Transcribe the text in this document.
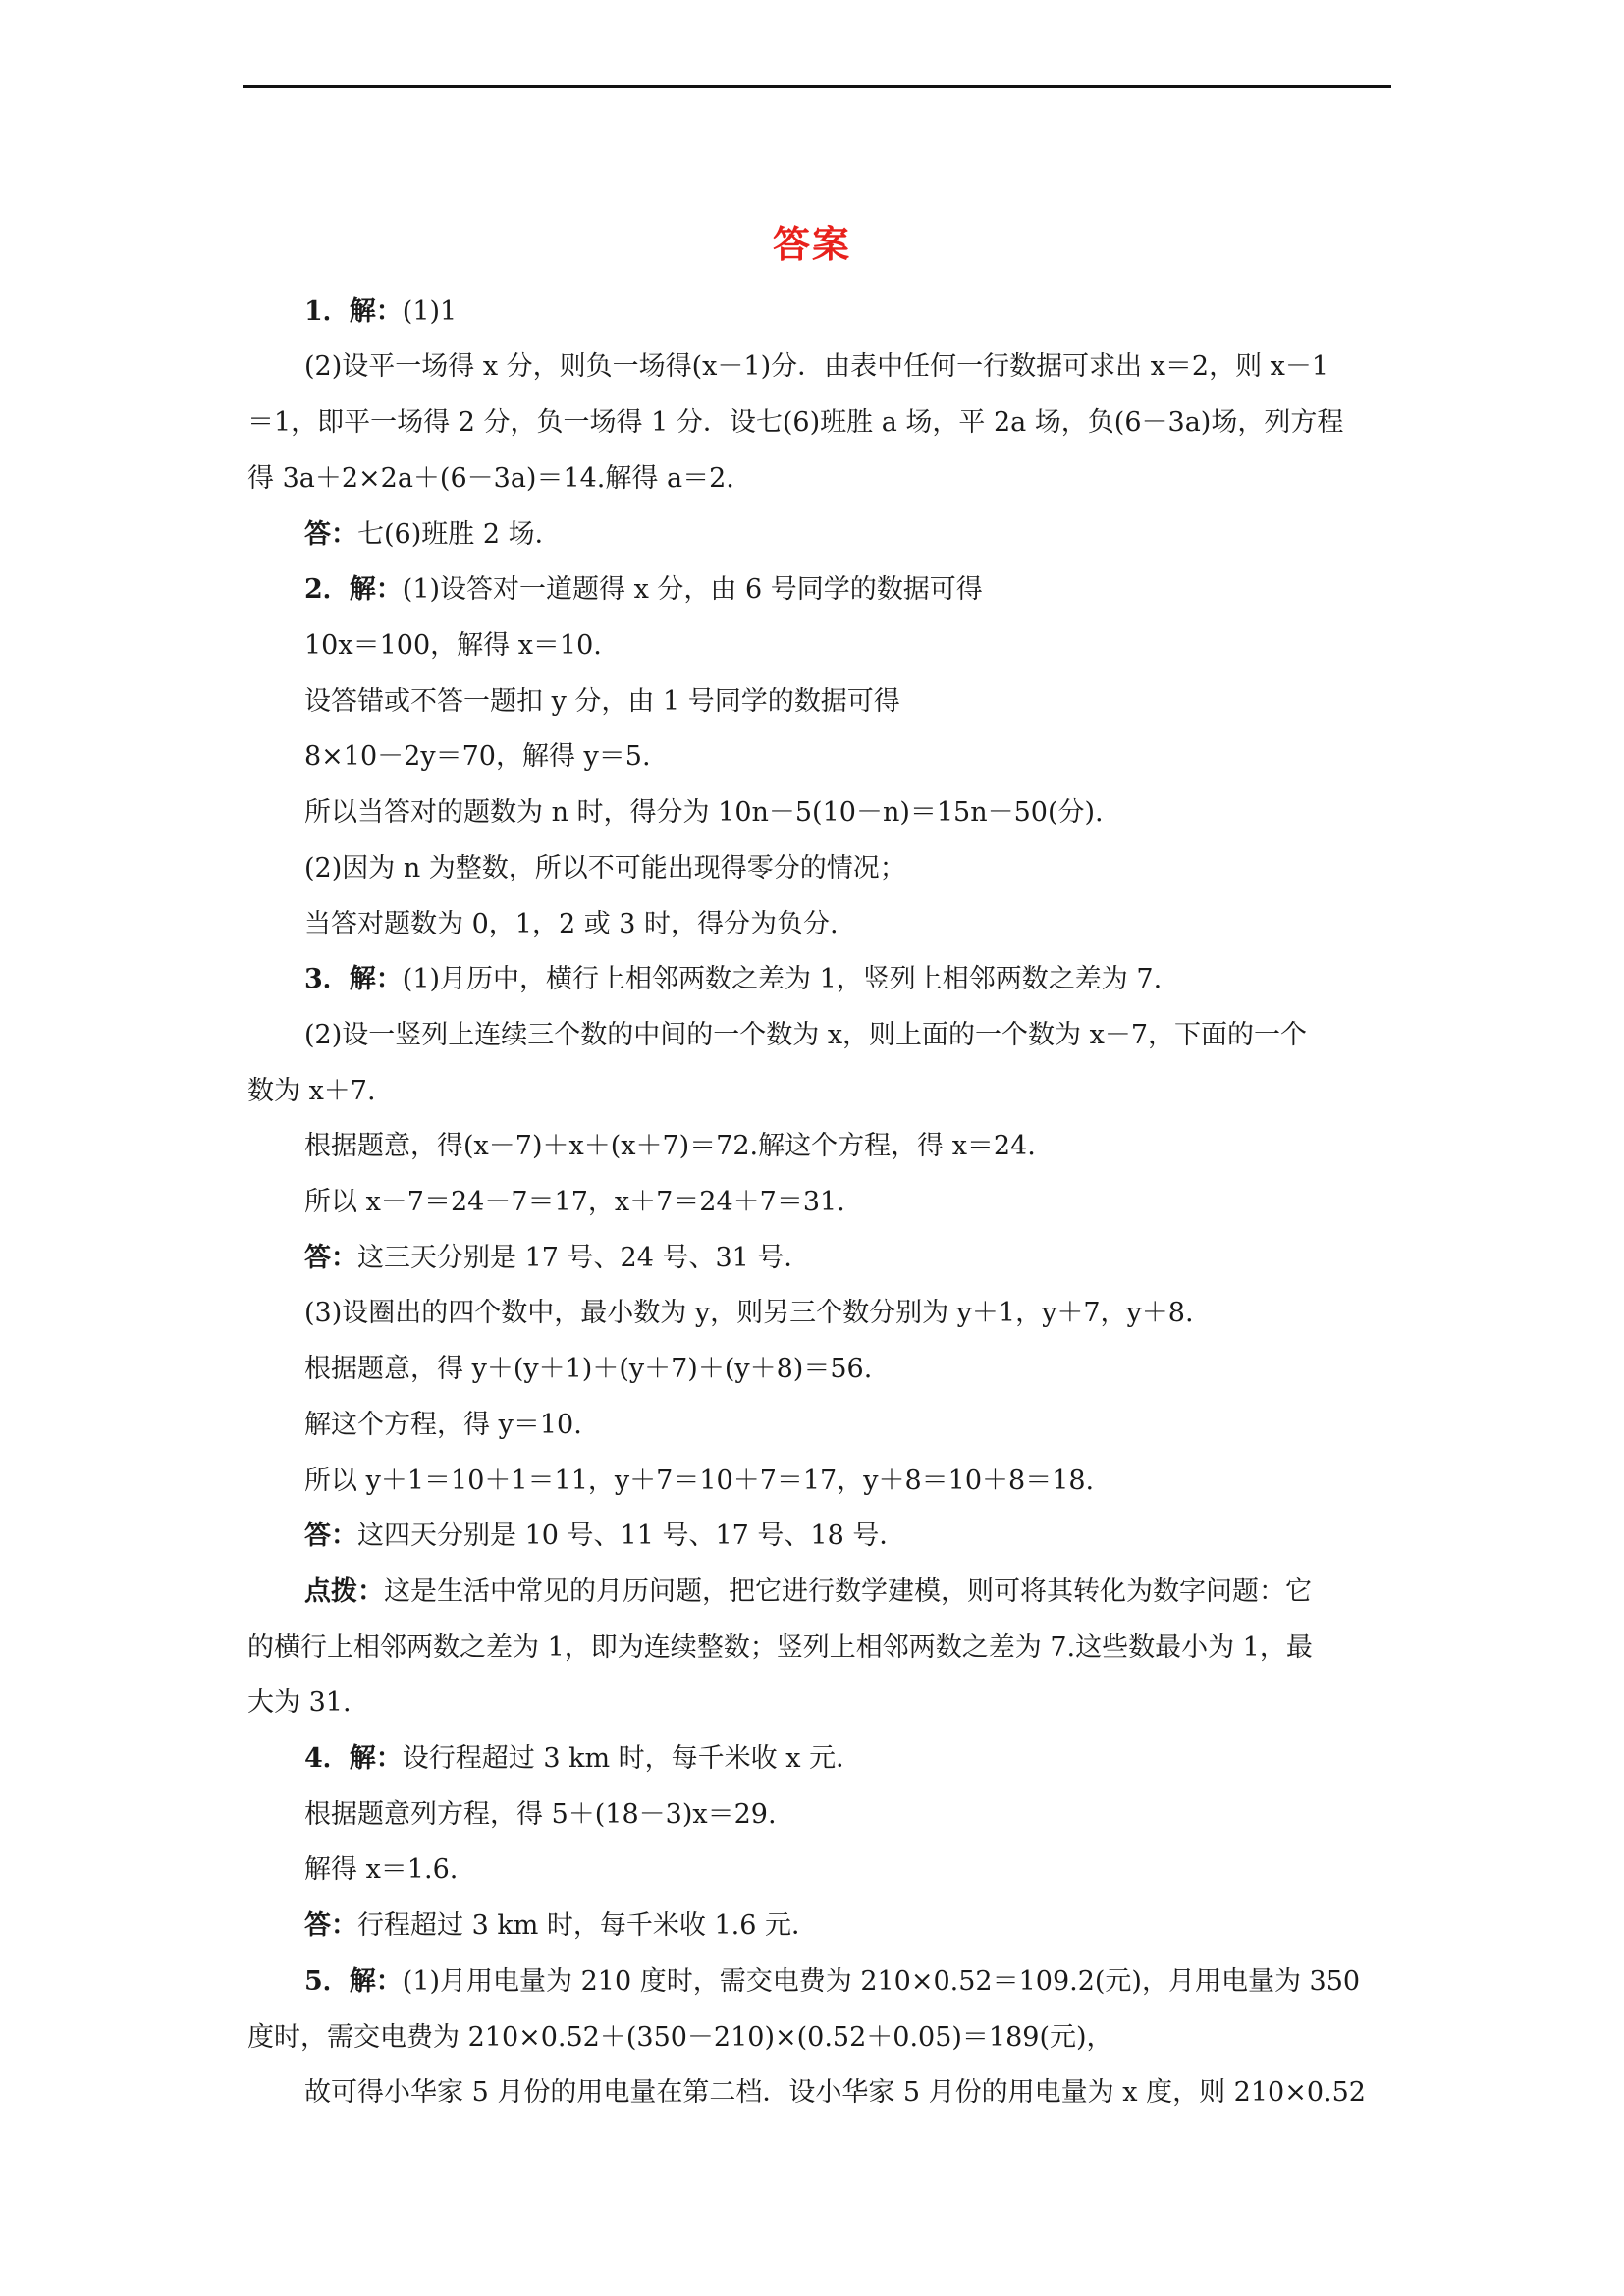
答案
1．解：(1)1
(2)设平一场得 x 分，则负一场得(x－1)分．由表中任何一行数据可求出 x＝2，则 x－1
＝1，即平一场得 2 分，负一场得 1 分．设七(6)班胜 a 场，平 2a 场，负(6－3a)场，列方程
得 3a＋2×2a＋(6－3a)＝14.解得 a＝2.
答：七(6)班胜 2 场．
2．解：(1)设答对一道题得 x 分，由 6 号同学的数据可得
10x＝100，解得 x＝10.
设答错或不答一题扣 y 分，由 1 号同学的数据可得
8×10－2y＝70，解得 y＝5.
所以当答对的题数为 n 时，得分为 10n－5(10－n)＝15n－50(分).
(2)因为 n 为整数，所以不可能出现得零分的情况；
当答对题数为 0，1，2 或 3 时，得分为负分.
3．解：(1)月历中，横行上相邻两数之差为 1，竖列上相邻两数之差为 7.
(2)设一竖列上连续三个数的中间的一个数为 x，则上面的一个数为 x－7，下面的一个
数为 x＋7.
根据题意，得(x－7)＋x＋(x＋7)＝72.解这个方程，得 x＝24.
所以 x－7＝24－7＝17，x＋7＝24＋7＝31.
答：这三天分别是 17 号、24 号、31 号．
(3)设圈出的四个数中，最小数为 y，则另三个数分别为 y＋1，y＋7，y＋8.
根据题意，得 y＋(y＋1)＋(y＋7)＋(y＋8)＝56.
解这个方程，得 y＝10.
所以 y＋1＝10＋1＝11，y＋7＝10＋7＝17，y＋8＝10＋8＝18.
答：这四天分别是 10 号、11 号、17 号、18 号．
点拨：这是生活中常见的月历问题，把它进行数学建模，则可将其转化为数字问题：它
的横行上相邻两数之差为 1，即为连续整数；竖列上相邻两数之差为 7.这些数最小为 1，最
大为 31.
4．解：设行程超过 3 km 时，每千米收 x 元．
根据题意列方程，得 5＋(18－3)x＝29.
解得 x＝1.6.
答：行程超过 3 km 时，每千米收 1.6 元．
5．解：(1)月用电量为 210 度时，需交电费为 210×0.52＝109.2(元)，月用电量为 350
度时，需交电费为 210×0.52＋(350－210)×(0.52＋0.05)＝189(元)，
故可得小华家 5 月份的用电量在第二档．设小华家 5 月份的用电量为 x 度，则 210×0.52
